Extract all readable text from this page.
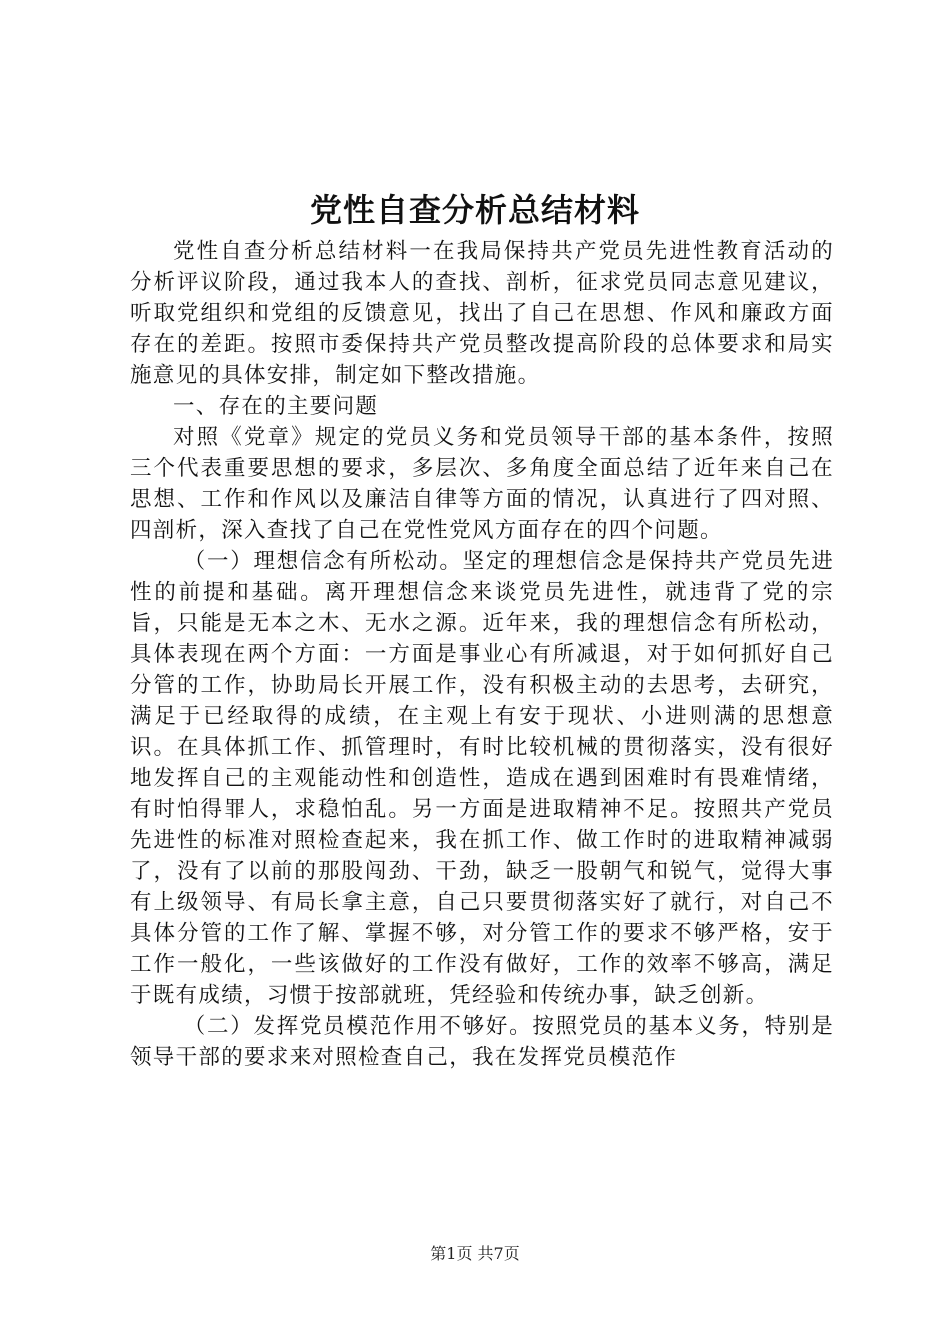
党性自查分析总结材料

党性自查分析总结材料一在我局保持共产党员先进性教育活动的分析评议阶段，通过我本人的查找、剖析，征求党员同志意见建议，听取党组织和党组的反馈意见，找出了自己在思想、作风和廉政方面存在的差距。按照市委保持共产党员整改提高阶段的总体要求和局实施意见的具体安排，制定如下整改措施。

一、存在的主要问题

对照《党章》规定的党员义务和党员领导干部的基本条件，按照三个代表重要思想的要求，多层次、多角度全面总结了近年来自己在思想、工作和作风以及廉洁自律等方面的情况，认真进行了四对照、四剖析，深入查找了自己在党性党风方面存在的四个问题。

（一）理想信念有所松动。坚定的理想信念是保持共产党员先进性的前提和基础。离开理想信念来谈党员先进性，就违背了党的宗旨，只能是无本之木、无水之源。近年来，我的理想信念有所松动，具体表现在两个方面：一方面是事业心有所减退，对于如何抓好自己分管的工作，协助局长开展工作，没有积极主动的去思考，去研究，满足于已经取得的成绩，在主观上有安于现状、小进则满的思想意识。在具体抓工作、抓管理时，有时比较机械的贯彻落实，没有很好地发挥自己的主观能动性和创造性，造成在遇到困难时有畏难情绪，有时怕得罪人，求稳怕乱。另一方面是进取精神不足。按照共产党员先进性的标准对照检查起来，我在抓工作、做工作时的进取精神减弱了，没有了以前的那股闯劲、干劲，缺乏一股朝气和锐气，觉得大事有上级领导、有局长拿主意，自己只要贯彻落实好了就行，对自己不具体分管的工作了解、掌握不够，对分管工作的要求不够严格，安于工作一般化，一些该做好的工作没有做好，工作的效率不够高，满足于既有成绩，习惯于按部就班，凭经验和传统办事，缺乏创新。

（二）发挥党员模范作用不够好。按照党员的基本义务，特别是领导干部的要求来对照检查自己，我在发挥党员模范作

第1页 共7页
